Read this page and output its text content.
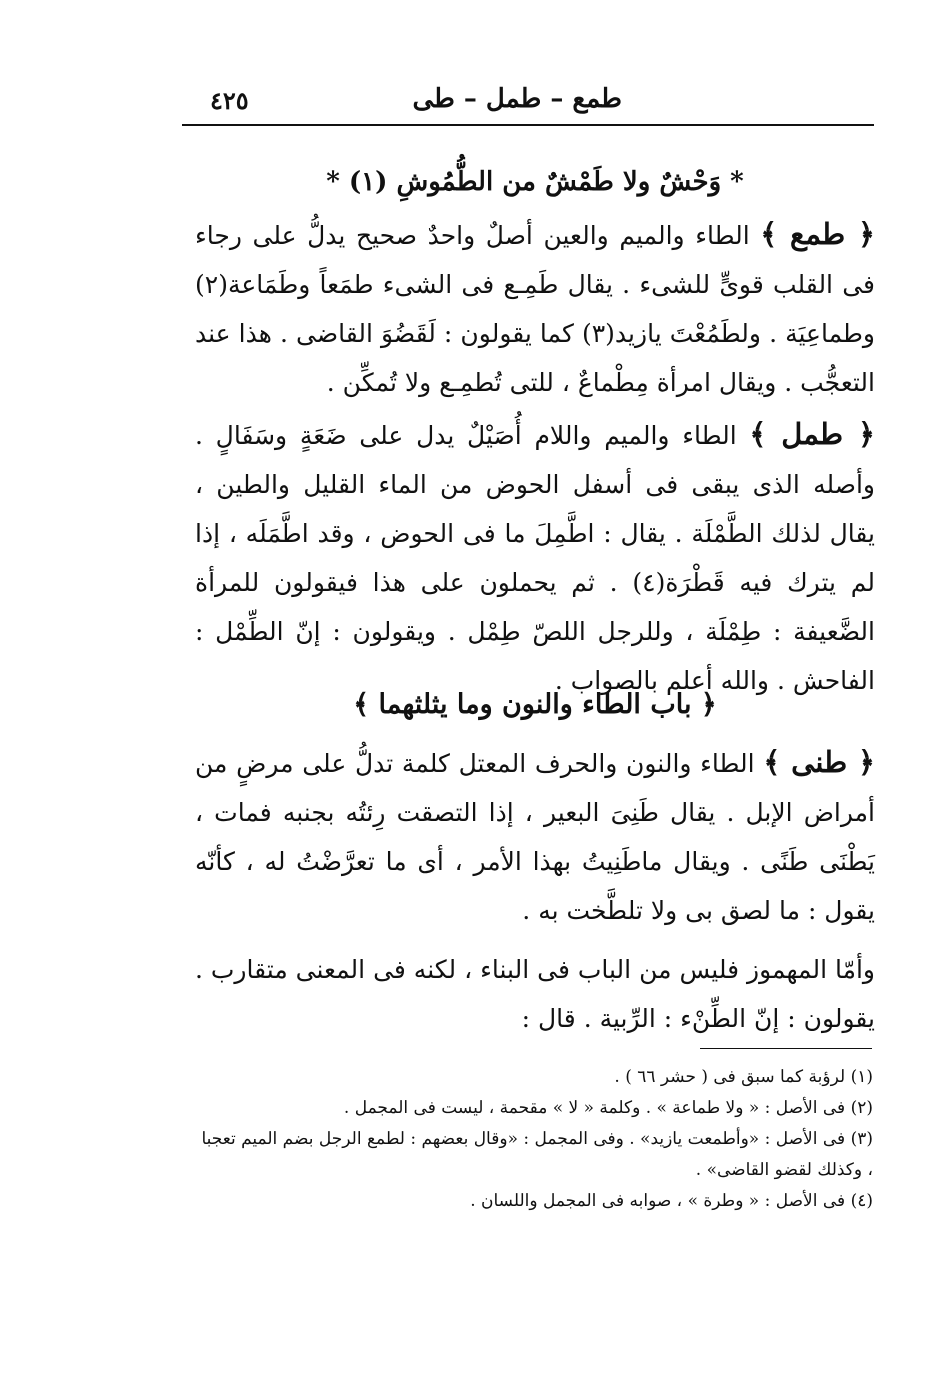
٤٢٥	طمع – طمل – طى
* وَحْشٌ ولا طَمْشٌ من الطُّمُوشِ (١) *

﴿ طمع ﴾ الطاء والميم والعين أصلٌ واحدٌ صحيح يدلُّ على رجاء فى القلب قوىٍّ للشىء . يقال طَمِـع فى الشىء طمَعاً وطَمَاعة(٢) وطماعِيَة . ولطَمُعْتَ يازيد(٣) كما يقولون : لَقَضُوَ القاضى . هذا عند التعجُّب . ويقال امرأة مِطْماعٌ ، للتى تُطمِـع ولا تُمكِّن .

﴿ طمل ﴾ الطاء والميم واللام أُصَيْلٌ يدل على ضَعَةٍ وسَفَالٍ . وأصله الذى يبقى فى أسفل الحوض من الماء القليل والطين ، يقال لذلك الطَّمْلَة . يقال : اطَّمِلَ ما فى الحوض ، وقد اطَّمَلَه ، إذا لم يترك فيه قَطْرَة(٤) . ثم يحملون على هذا فيقولون للمرأة الضَّعيفة : طِمْلَة ، وللرجل اللصّ طِمْل . ويقولون : إنّ الطِّمْل : الفاحش . والله أعلم بالصواب .

﴿ باب الطاء والنون وما يثلثهما ﴾

﴿ طنى ﴾ الطاء والنون والحرف المعتل كلمة تدلُّ على مرضٍ من أمراض الإبل . يقال طَنِىَ البعير ، إذا التصقت رِئتُه بجنبه فمات ، يَطْنَى طَنًى . ويقال ماطَنِيتُ بهذا الأمر ، أى ما تعرَّضْتُ له ، كأنّه يقول : ما لصق بى ولا تلطَّخت به .

وأمّا المهموز فليس من الباب فى البناء ، لكنه فى المعنى متقارب . يقولون : إنّ الطِّنْء : الرِّبية . قال :

(١) لرؤبة كما سبق فى ( حشر ٦٦ ) .

(٢) فى الأصل : « ولا طماعة » . وكلمة « لا » مقحمة ، ليست فى المجمل .

(٣) فى الأصل : «وأطمعت يازيد» . وفى المجمل : «وقال بعضهم : لطمع الرجل بضم الميم تعجبا ، وكذلك لقضو القاضى» .

(٤) فى الأصل : « وطرة » ، صوابه فى المجمل واللسان .
